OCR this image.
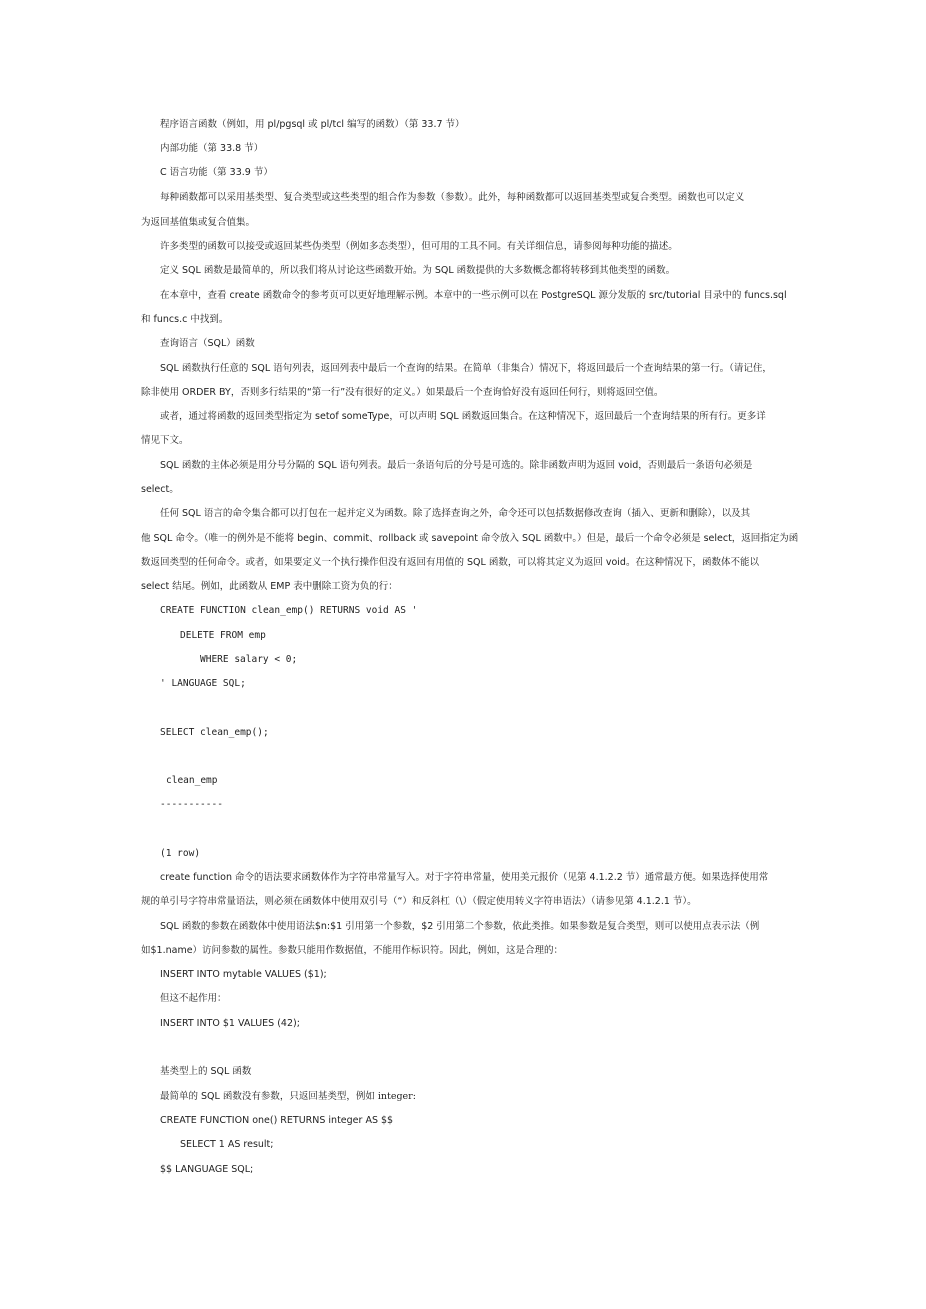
程序语言函数（例如，用 pl/pgsql 或 pl/tcl 编写的函数）（第 33.7 节）
内部功能（第 33.8 节）
C 语言功能（第 33.9 节）
每种函数都可以采用基类型、复合类型或这些类型的组合作为参数（参数）。此外，每种函数都可以返回基类型或复合类型。函数也可以定义
为返回基值集或复合值集。
许多类型的函数可以接受或返回某些伪类型（例如多态类型），但可用的工具不同。有关详细信息，请参阅每种功能的描述。
定义 SQL 函数是最简单的，所以我们将从讨论这些函数开始。为 SQL 函数提供的大多数概念都将转移到其他类型的函数。
在本章中，查看 create 函数命令的参考页可以更好地理解示例。本章中的一些示例可以在 PostgreSQL 源分发版的 src/tutorial 目录中的 funcs.sql
和 funcs.c 中找到。
查询语言（SQL）函数
SQL 函数执行任意的 SQL 语句列表，返回列表中最后一个查询的结果。在简单（非集合）情况下，将返回最后一个查询结果的第一行。（请记住，
除非使用 ORDER BY，否则多行结果的“第一行”没有很好的定义。）如果最后一个查询恰好没有返回任何行，则将返回空值。
或者，通过将函数的返回类型指定为 setof someType，可以声明 SQL 函数返回集合。在这种情况下，返回最后一个查询结果的所有行。更多详
情见下文。
SQL 函数的主体必须是用分号分隔的 SQL 语句列表。最后一条语句后的分号是可选的。除非函数声明为返回 void，否则最后一条语句必须是
select。
任何 SQL 语言的命令集合都可以打包在一起并定义为函数。除了选择查询之外，命令还可以包括数据修改查询（插入、更新和删除），以及其
他 SQL 命令。（唯一的例外是不能将 begin、commit、rollback 或 savepoint 命令放入 SQL 函数中。）但是，最后一个命令必须是 select，返回指定为函
数返回类型的任何命令。或者，如果要定义一个执行操作但没有返回有用值的 SQL 函数，可以将其定义为返回 void。在这种情况下，函数体不能以
select 结尾。例如，此函数从 EMP 表中删除工资为负的行：
CREATE FUNCTION clean_emp() RETURNS void AS '
DELETE FROM emp
WHERE salary < 0;
' LANGUAGE SQL;
SELECT clean_emp();
clean_emp
-----------
(1 row)
create function 命令的语法要求函数体作为字符串常量写入。对于字符串常量，使用美元报价（见第 4.1.2.2 节）通常最方便。如果选择使用常
规的单引号字符串常量语法，则必须在函数体中使用双引号（“）和反斜杠（\）（假定使用转义字符串语法）（请参见第 4.1.2.1 节）。
SQL 函数的参数在函数体中使用语法$n:$1 引用第一个参数，$2 引用第二个参数，依此类推。如果参数是复合类型，则可以使用点表示法（例
如$1.name）访问参数的属性。参数只能用作数据值，不能用作标识符。因此，例如，这是合理的：
INSERT INTO mytable VALUES ($1);
但这不起作用：
INSERT INTO $1 VALUES (42);
基类型上的 SQL 函数
最简单的 SQL 函数没有参数，只返回基类型，例如 integer:
CREATE FUNCTION one() RETURNS integer AS $$
SELECT 1 AS result;
$$ LANGUAGE SQL;
